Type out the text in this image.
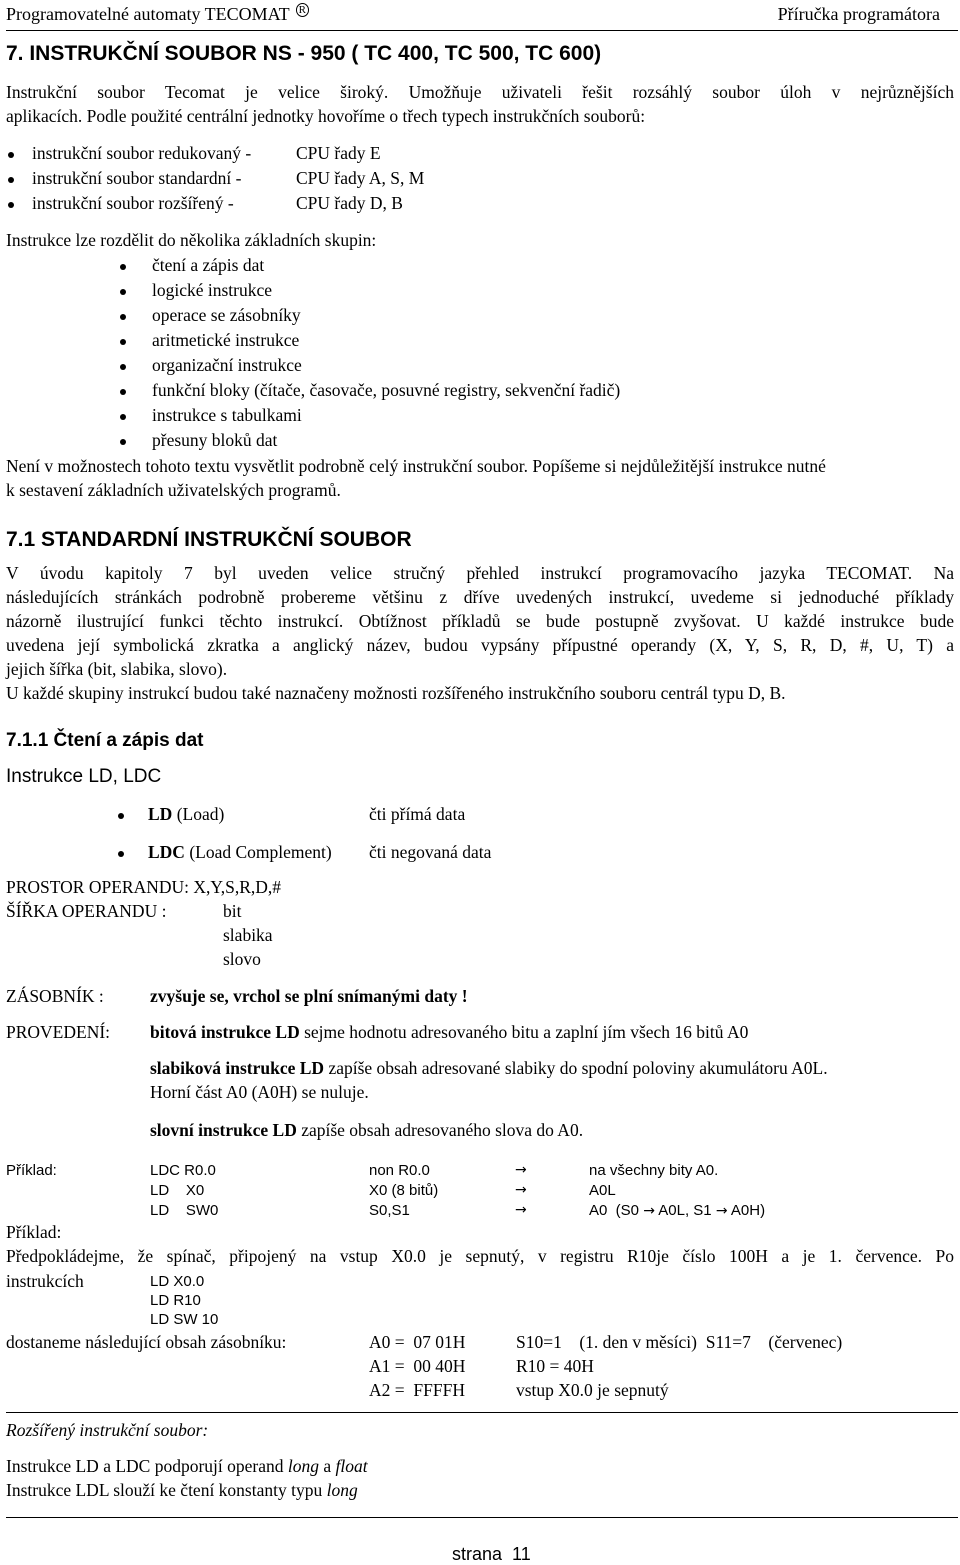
Programovatelné automaty TECOMAT $^R$	Příručka programátora
7. INSTRUKČNÍ SOUBOR NS - 950 ( TC 400, TC 500, TC 600)
Instrukční soubor Tecomat je velice široký. Umožňuje uživateli řešit rozsáhlý soubor úloh v nejrůznějších
aplikacích. Podle použité centrální jednotky hovoříme o třech typech instrukčních souborů:
instrukční soubor redukovaný -	CPU řady E
instrukční soubor standardní -	CPU řady A, S, M
instrukční soubor rozšířený -	CPU řady D, B
Instrukce lze rozdělit do několika základních skupin:
čtení a zápis dat
logické instrukce
operace se zásobníky
aritmetické instrukce
organizační instrukce
funkční bloky (čítače, časovače, posuvné registry, sekvenční řadič)
instrukce s tabulkami
přesuny bloků dat
Není v možnostech tohoto textu vysvětlit podrobně celý instrukční soubor. Popíšeme si nejdůležitější instrukce nutné
k sestavení základních uživatelských programů.
7.1 STANDARDNÍ INSTRUKČNÍ SOUBOR
V úvodu kapitoly 7 byl uveden velice stručný přehled instrukcí programovacího jazyka TECOMAT. Na
následujících stránkách podrobně probereme většinu z dříve uvedených instrukcí, uvedeme si jednoduché příklady
názorně ilustrující funkci těchto instrukcí. Obtížnost příkladů se bude postupně zvyšovat. U každé instrukce bude
uvedena její symbolická zkratka a anglický název, budou vypsány přípustné operandy (X, Y, S, R, D, #, U, T) a
jejich šířka (bit, slabika, slovo).
U každé skupiny instrukcí budou také naznačeny možnosti rozšířeného instrukčního souboru centrál typu D, B.
7.1.1 Čtení a zápis dat
Instrukce LD, LDC
LD (Load)	čti přímá data
LDC (Load Complement) čti negovaná data
PROSTOR OPERANDU: X,Y,S,R,D,#
ŠÍŘKA OPERANDU :	bit
slabika
slovo
ZÁSOBNÍK :	zvyšuje se, vrchol se plní snímanými daty !
PROVEDENÍ: bitová instrukce LD sejme hodnotu adresovaného bitu a zaplní jím všech 16 bitů A0
slabiková instrukce LD zapíše obsah adresované slabiky do spodní poloviny akumulátoru A0L.
Horní část A0 (A0H) se nuluje.
slovní instrukce LD zapíše obsah adresovaného slova do A0.
Příklad:	LDC R0.0	non R0.0	→	na všechny bity A0.
LD    X0	X0 (8 bitů)	→	A0L
LD    SW0	S0,S1	→	A0  (S0 → A0L, S1 → A0H)
Příklad:
Předpokládejme, že spínač, připojený na vstup X0.0 je sepnutý, v registru R10je číslo 100H a je 1. července. Po
instrukcích	LD X0.0
LD R10
LD SW 10
dostaneme následující obsah zásobníku:	A0 =  07 01H	S10=1    (1. den v měsíci)  S11=7    (červenec)
A1 =  00 40H	R10 = 40H
A2 =  FFFFH	vstup X0.0 je sepnutý
Rozšířený instrukční soubor:
Instrukce LD a LDC podporují operand long a float
Instrukce LDL slouží ke čtení konstanty typu long
strana  11
